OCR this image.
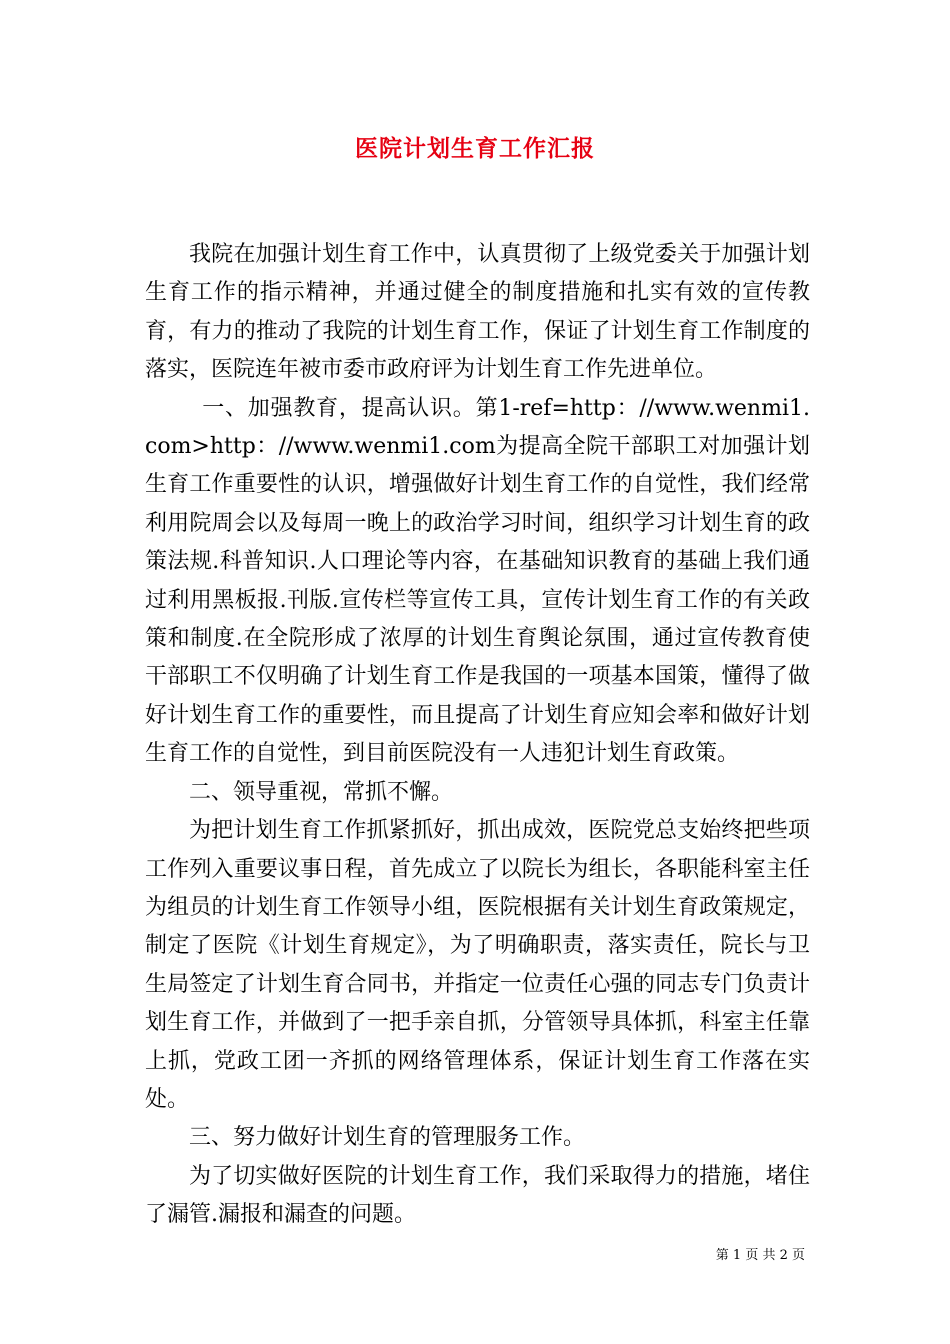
医院计划生育工作汇报

我院在加强计划生育工作中，认真贯彻了上级党委关于加强计划生育工作的指示精神，并通过健全的制度措施和扎实有效的宣传教育，有力的推动了我院的计划生育工作，保证了计划生育工作制度的落实，医院连年被市委市政府评为计划生育工作先进单位。

一、加强教育，提高认识。第1-ref=http：//www.wenmi1.com>http：//www.wenmi1.com为提高全院干部职工对加强计划生育工作重要性的认识，增强做好计划生育工作的自觉性，我们经常利用院周会以及每周一晚上的政治学习时间，组织学习计划生育的政策法规.科普知识.人口理论等内容，在基础知识教育的基础上我们通过利用黑板报.刊版.宣传栏等宣传工具，宣传计划生育工作的有关政策和制度.在全院形成了浓厚的计划生育舆论氛围，通过宣传教育使干部职工不仅明确了计划生育工作是我国的一项基本国策，懂得了做好计划生育工作的重要性，而且提高了计划生育应知会率和做好计划生育工作的自觉性，到目前医院没有一人违犯计划生育政策。

二、领导重视，常抓不懈。

为把计划生育工作抓紧抓好，抓出成效，医院党总支始终把些项工作列入重要议事日程，首先成立了以院长为组长，各职能科室主任为组员的计划生育工作领导小组，医院根据有关计划生育政策规定，制定了医院《计划生育规定》，为了明确职责，落实责任，院长与卫生局签定了计划生育合同书，并指定一位责任心强的同志专门负责计划生育工作，并做到了一把手亲自抓，分管领导具体抓，科室主任靠上抓，党政工团一齐抓的网络管理体系，保证计划生育工作落在实处。

三、努力做好计划生育的管理服务工作。

为了切实做好医院的计划生育工作，我们采取得力的措施，堵住了漏管.漏报和漏查的问题。

第 1 页 共 2 页
